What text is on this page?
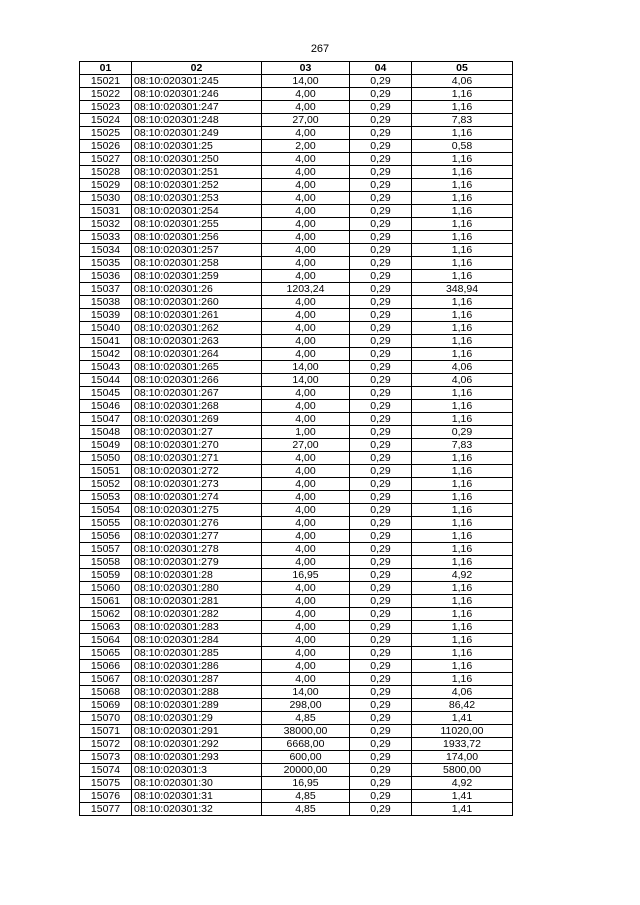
267
01	02	03	04	05
15021	08:10:020301:245	14,00	0,29	4,06
15022	08:10:020301:246	4,00	0,29	1,16
15023	08:10:020301:247	4,00	0,29	1,16
15024	08:10:020301:248	27,00	0,29	7,83
15025	08:10:020301:249	4,00	0,29	1,16
15026	08:10:020301:25	2,00	0,29	0,58
15027	08:10:020301:250	4,00	0,29	1,16
15028	08:10:020301:251	4,00	0,29	1,16
15029	08:10:020301:252	4,00	0,29	1,16
15030	08:10:020301:253	4,00	0,29	1,16
15031	08:10:020301:254	4,00	0,29	1,16
15032	08:10:020301:255	4,00	0,29	1,16
15033	08:10:020301:256	4,00	0,29	1,16
15034	08:10:020301:257	4,00	0,29	1,16
15035	08:10:020301:258	4,00	0,29	1,16
15036	08:10:020301:259	4,00	0,29	1,16
15037	08:10:020301:26	1203,24	0,29	348,94
15038	08:10:020301:260	4,00	0,29	1,16
15039	08:10:020301:261	4,00	0,29	1,16
15040	08:10:020301:262	4,00	0,29	1,16
15041	08:10:020301:263	4,00	0,29	1,16
15042	08:10:020301:264	4,00	0,29	1,16
15043	08:10:020301:265	14,00	0,29	4,06
15044	08:10:020301:266	14,00	0,29	4,06
15045	08:10:020301:267	4,00	0,29	1,16
15046	08:10:020301:268	4,00	0,29	1,16
15047	08:10:020301:269	4,00	0,29	1,16
15048	08:10:020301:27	1,00	0,29	0,29
15049	08:10:020301:270	27,00	0,29	7,83
15050	08:10:020301:271	4,00	0,29	1,16
15051	08:10:020301:272	4,00	0,29	1,16
15052	08:10:020301:273	4,00	0,29	1,16
15053	08:10:020301:274	4,00	0,29	1,16
15054	08:10:020301:275	4,00	0,29	1,16
15055	08:10:020301:276	4,00	0,29	1,16
15056	08:10:020301:277	4,00	0,29	1,16
15057	08:10:020301:278	4,00	0,29	1,16
15058	08:10:020301:279	4,00	0,29	1,16
15059	08:10:020301:28	16,95	0,29	4,92
15060	08:10:020301:280	4,00	0,29	1,16
15061	08:10:020301:281	4,00	0,29	1,16
15062	08:10:020301:282	4,00	0,29	1,16
15063	08:10:020301:283	4,00	0,29	1,16
15064	08:10:020301:284	4,00	0,29	1,16
15065	08:10:020301:285	4,00	0,29	1,16
15066	08:10:020301:286	4,00	0,29	1,16
15067	08:10:020301:287	4,00	0,29	1,16
15068	08:10:020301:288	14,00	0,29	4,06
15069	08:10:020301:289	298,00	0,29	86,42
15070	08:10:020301:29	4,85	0,29	1,41
15071	08:10:020301:291	38000,00	0,29	11020,00
15072	08:10:020301:292	6668,00	0,29	1933,72
15073	08:10:020301:293	600,00	0,29	174,00
15074	08:10:020301:3	20000,00	0,29	5800,00
15075	08:10:020301:30	16,95	0,29	4,92
15076	08:10:020301:31	4,85	0,29	1,41
15077	08:10:020301:32	4,85	0,29	1,41
